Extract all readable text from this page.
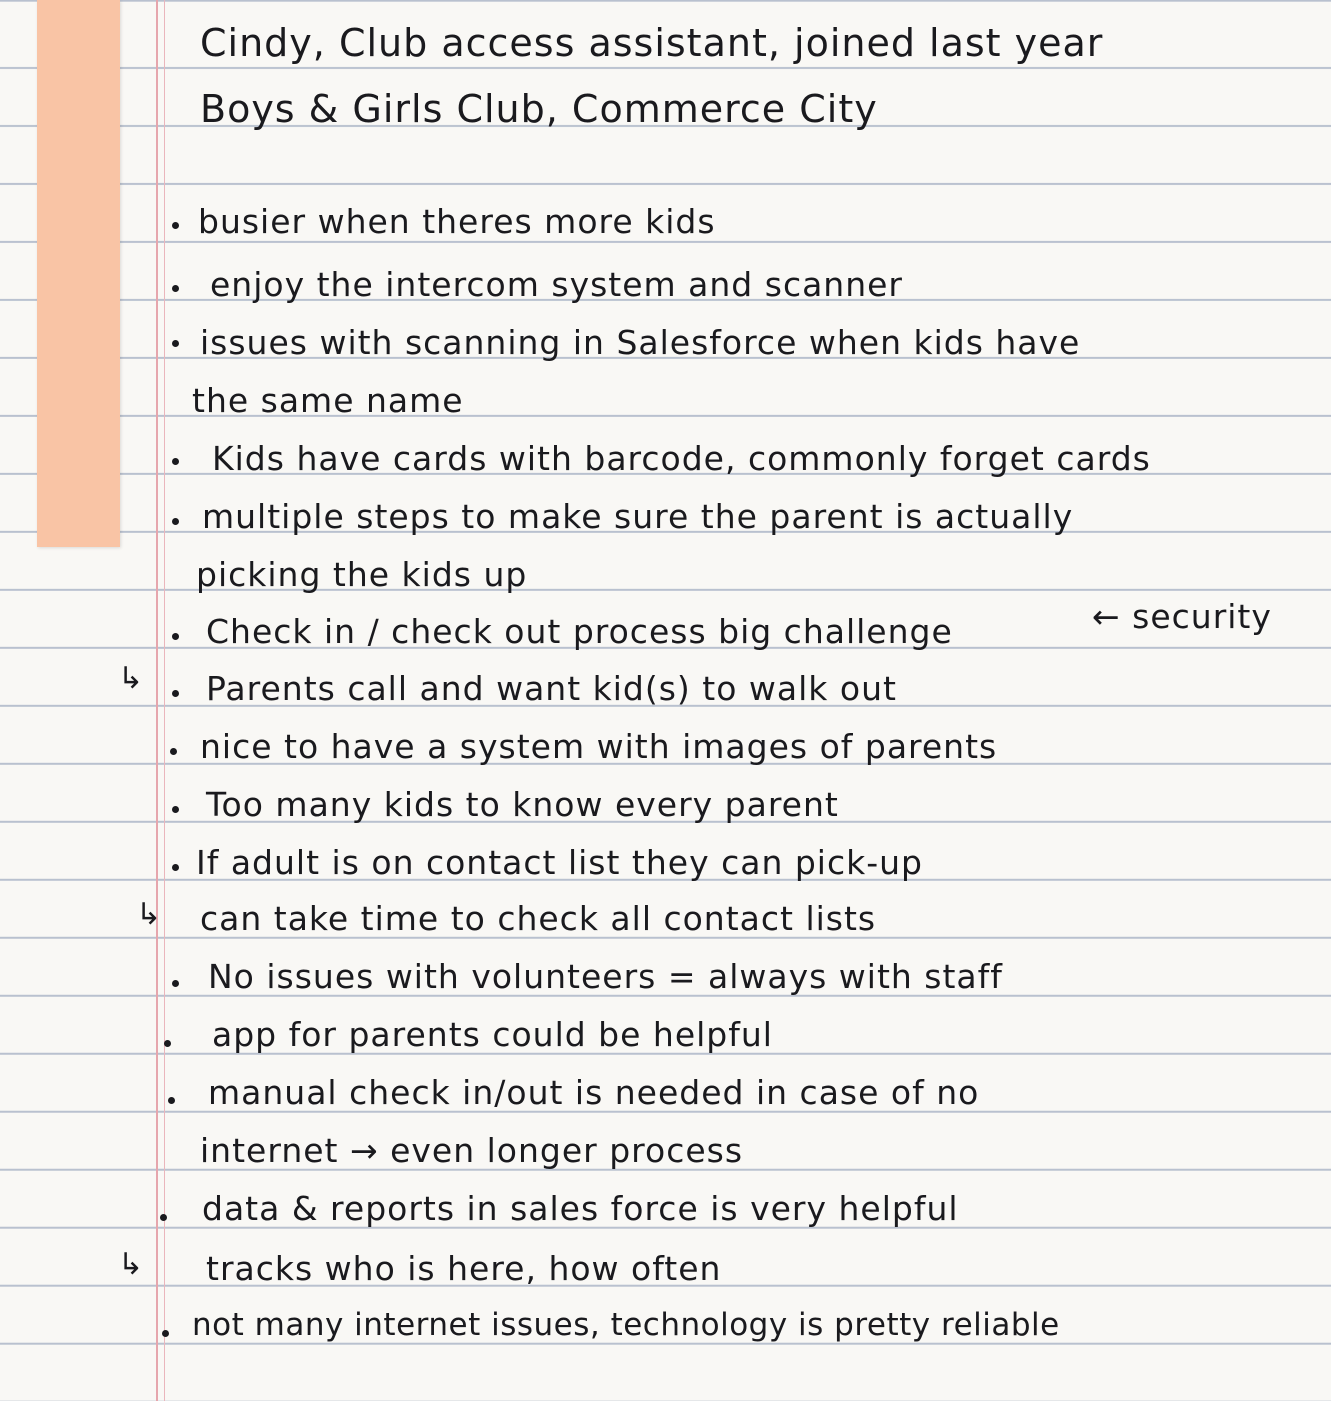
Cindy, Club access assistant, joined last year
Boys & Girls Club, Commerce City
busier when theres more kids
enjoy the intercom system and scanner
issues with scanning in Salesforce when kids have
the same name
Kids have cards with barcode, commonly forget cards
multiple steps to make sure the parent is actually
picking the kids up
Check in / check out process big challenge	← security
↳ Parents call and want kid(s) to walk out
nice to have a system with images of parents
Too many kids to know every parent
If adult is on contact list they can pick-up
↳ can take time to check all contact lists
No issues with volunteers = always with staff
app for parents could be helpful
manual check in/out is needed in case of no
internet → even longer process
data & reports in sales force is very helpful
↳ tracks who is here, how often
not many internet issues, technology is pretty reliable
